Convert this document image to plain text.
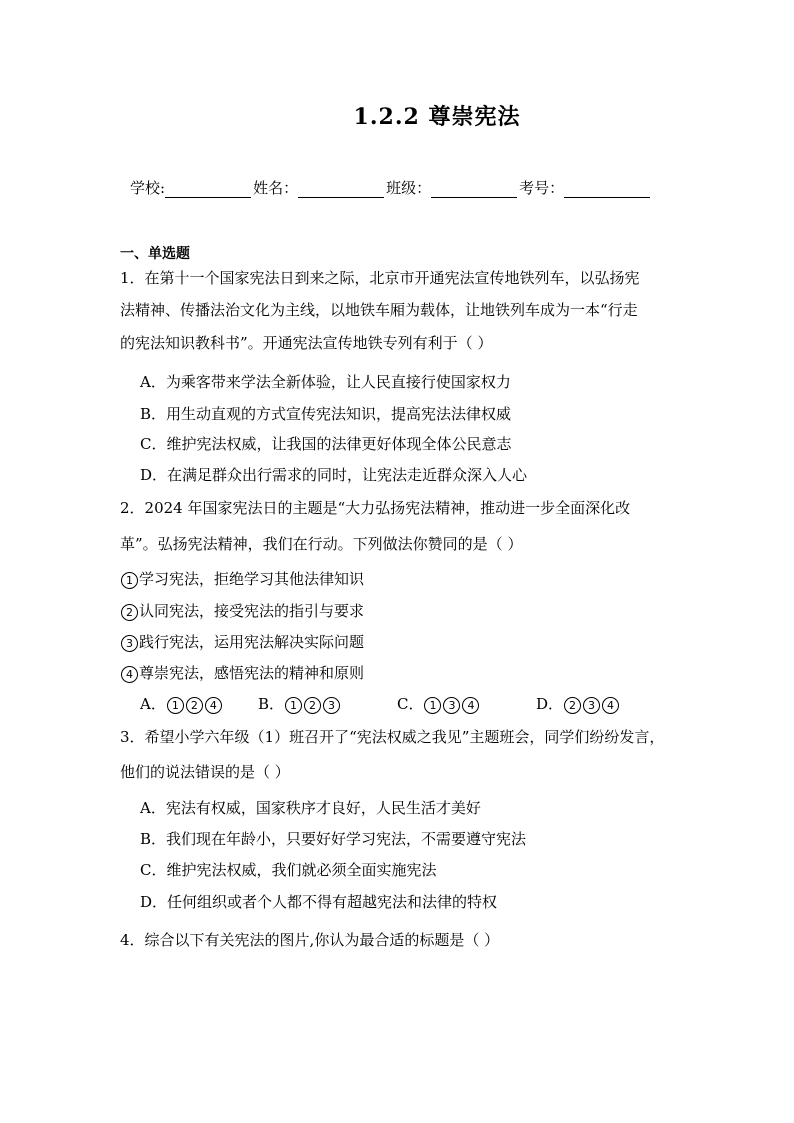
1.2.2 尊崇宪法
学校:	姓名：	班级：	考号：
一、单选题
1．在第十一个国家宪法日到来之际，北京市开通宪法宣传地铁列车，以弘扬宪
法精神、传播法治文化为主线，以地铁车厢为载体，让地铁列车成为一本“行走
的宪法知识教科书”。开通宪法宣传地铁专列有利于（ ）
A．为乘客带来学法全新体验，让人民直接行使国家权力
B．用生动直观的方式宣传宪法知识，提高宪法法律权威
C．维护宪法权威，让我国的法律更好体现全体公民意志
D．在满足群众出行需求的同时，让宪法走近群众深入人心
2．2024 年国家宪法日的主题是“大力弘扬宪法精神，推动进一步全面深化改
革”。弘扬宪法精神，我们在行动。下列做法你赞同的是（ ）
1 学习宪法，拒绝学习其他法律知识
2 认同宪法，接受宪法的指引与要求
3 践行宪法，运用宪法解决实际问题
4 尊崇宪法，感悟宪法的精神和原则
A． 1 2 4	B． 1 2 3	C． 1 3 4	D． 2 3 4
3．希望小学六年级（1）班召开了“宪法权威之我见”主题班会，同学们纷纷发言，
他们的说法错误的是（ ）
A．宪法有权威，国家秩序才良好，人民生活才美好
B．我们现在年龄小，只要好好学习宪法，不需要遵守宪法
C．维护宪法权威，我们就必须全面实施宪法
D．任何组织或者个人都不得有超越宪法和法律的特权
4．综合以下有关宪法的图片,你认为最合适的标题是（ ）
